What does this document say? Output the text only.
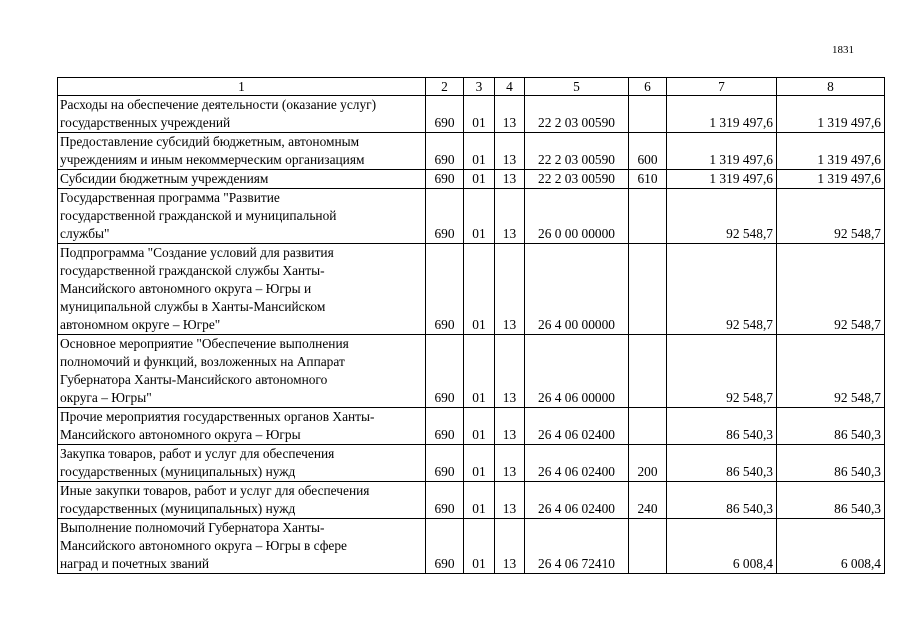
1831
1	2	3	4	5	6	7	8

Расходы на обеспечение деятельности (оказание услуг)
государственных учреждений	690	01	13	22 2 03 00590		1 319 497,6	1 319 497,6

Предоставление субсидий бюджетным, автономным
учреждениям и иным некоммерческим организациям	690	01	13	22 2 03 00590	600	1 319 497,6	1 319 497,6

Субсидии бюджетным учреждениям	690	01	13	22 2 03 00590	610	1 319 497,6	1 319 497,6

Государственная программа "Развитие
государственной гражданской и муниципальной
службы"	690	01	13	26 0 00 00000		92 548,7	92 548,7

Подпрограмма "Создание условий для развития
государственной гражданской службы Ханты-
Мансийского автономного округа – Югры и
муниципальной службы в Ханты-Мансийском
автономном округе – Югре"	690	01	13	26 4 00 00000		92 548,7	92 548,7

Основное мероприятие "Обеспечение выполнения
полномочий и функций, возложенных на Аппарат
Губернатора Ханты-Мансийского автономного
округа – Югры"	690	01	13	26 4 06 00000		92 548,7	92 548,7

Прочие мероприятия государственных органов Ханты-
Мансийского автономного округа – Югры	690	01	13	26 4 06 02400		86 540,3	86 540,3

Закупка товаров, работ и услуг для обеспечения
государственных (муниципальных) нужд	690	01	13	26 4 06 02400	200	86 540,3	86 540,3

Иные закупки товаров, работ и услуг для обеспечения
государственных (муниципальных) нужд	690	01	13	26 4 06 02400	240	86 540,3	86 540,3

Выполнение полномочий Губернатора Ханты-
Мансийского автономного округа – Югры в сфере
наград и почетных званий	690	01	13	26 4 06 72410		6 008,4	6 008,4
